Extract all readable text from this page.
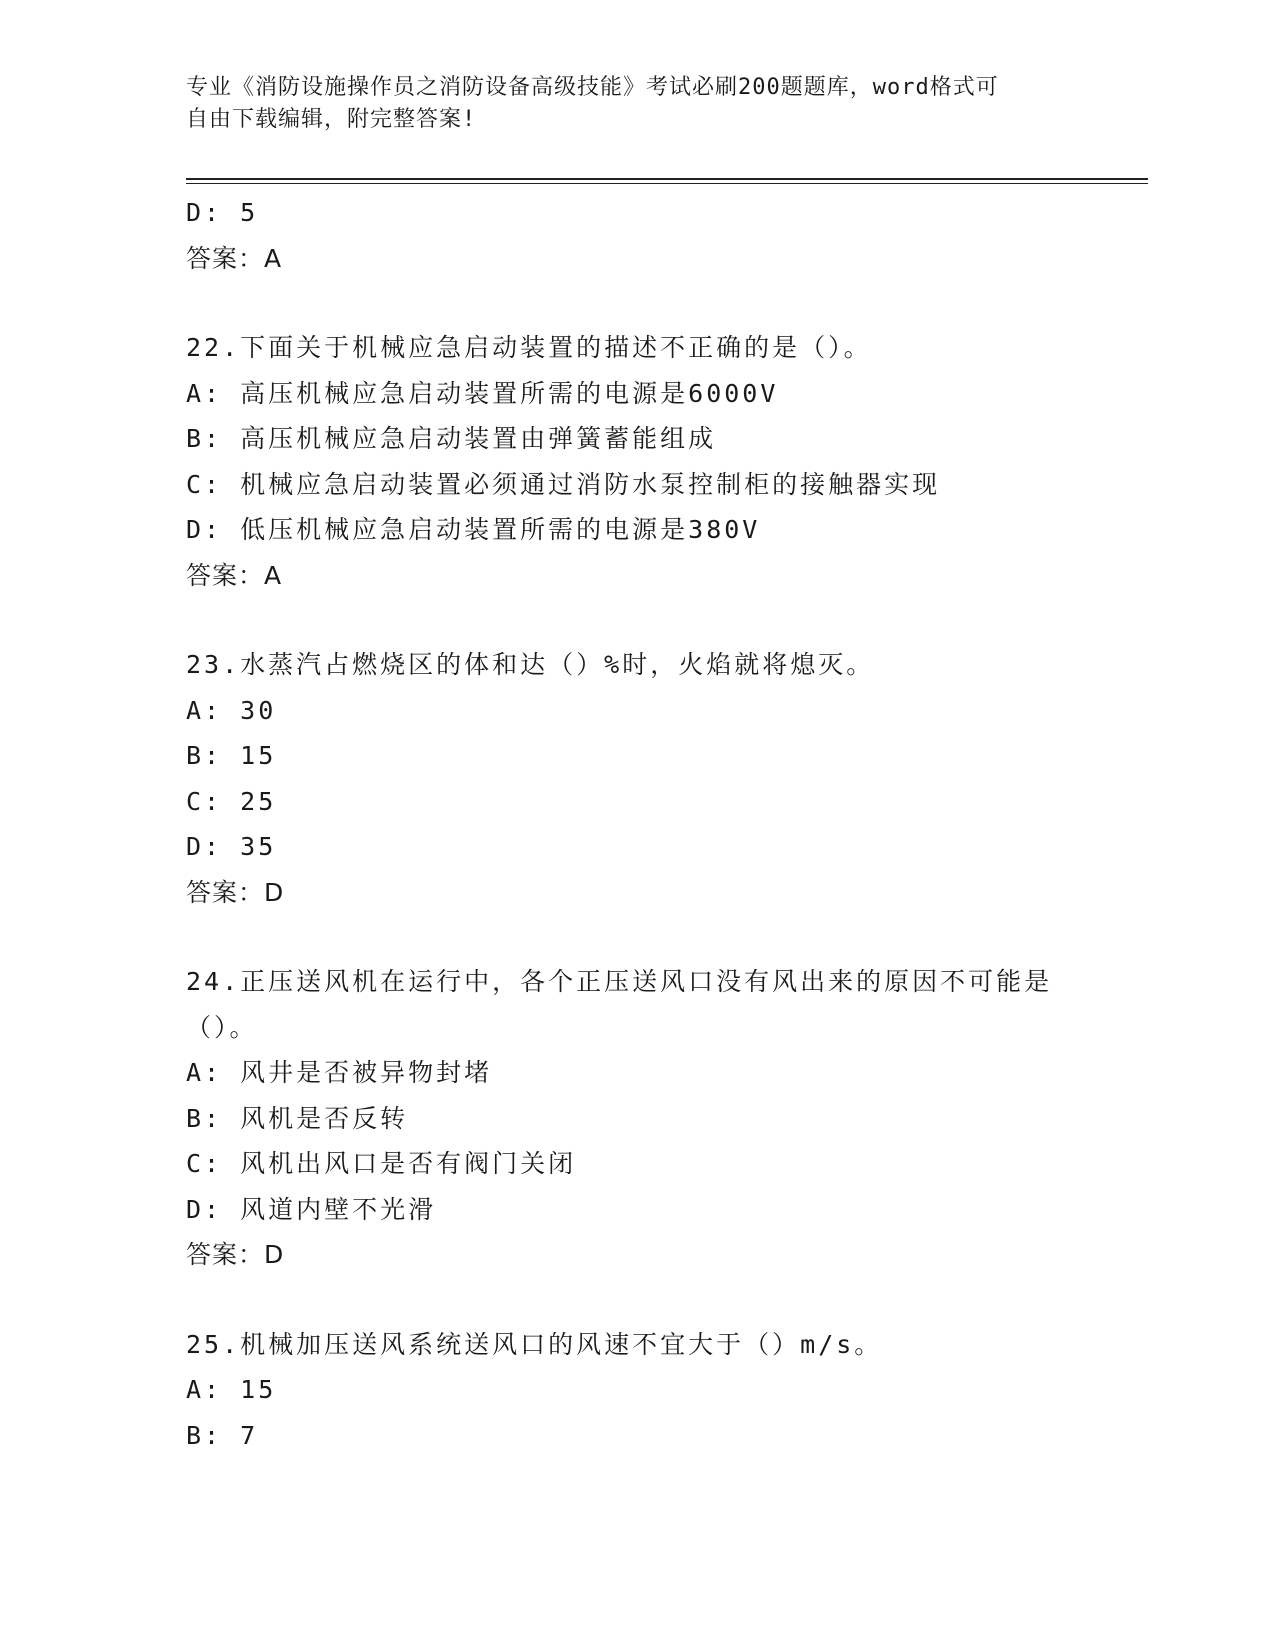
专业《消防设施操作员之消防设备高级技能》考试必刷200题题库，word格式可
自由下载编辑，附完整答案!
D: 5
答案：A
22.下面关于机械应急启动装置的描述不正确的是（）。
A: 高压机械应急启动装置所需的电源是6000V
B: 高压机械应急启动装置由弹簧蓄能组成
C: 机械应急启动装置必须通过消防水泵控制柜的接触器实现
D: 低压机械应急启动装置所需的电源是380V
答案：A
23.水蒸汽占燃烧区的体和达（）%时，火焰就将熄灭。
A: 30
B: 15
C: 25
D: 35
答案：D
24.正压送风机在运行中，各个正压送风口没有风出来的原因不可能是
（）。
A: 风井是否被异物封堵
B: 风机是否反转
C: 风机出风口是否有阀门关闭
D: 风道内壁不光滑
答案：D
25.机械加压送风系统送风口的风速不宜大于（）m/s。
A: 15
B: 7
